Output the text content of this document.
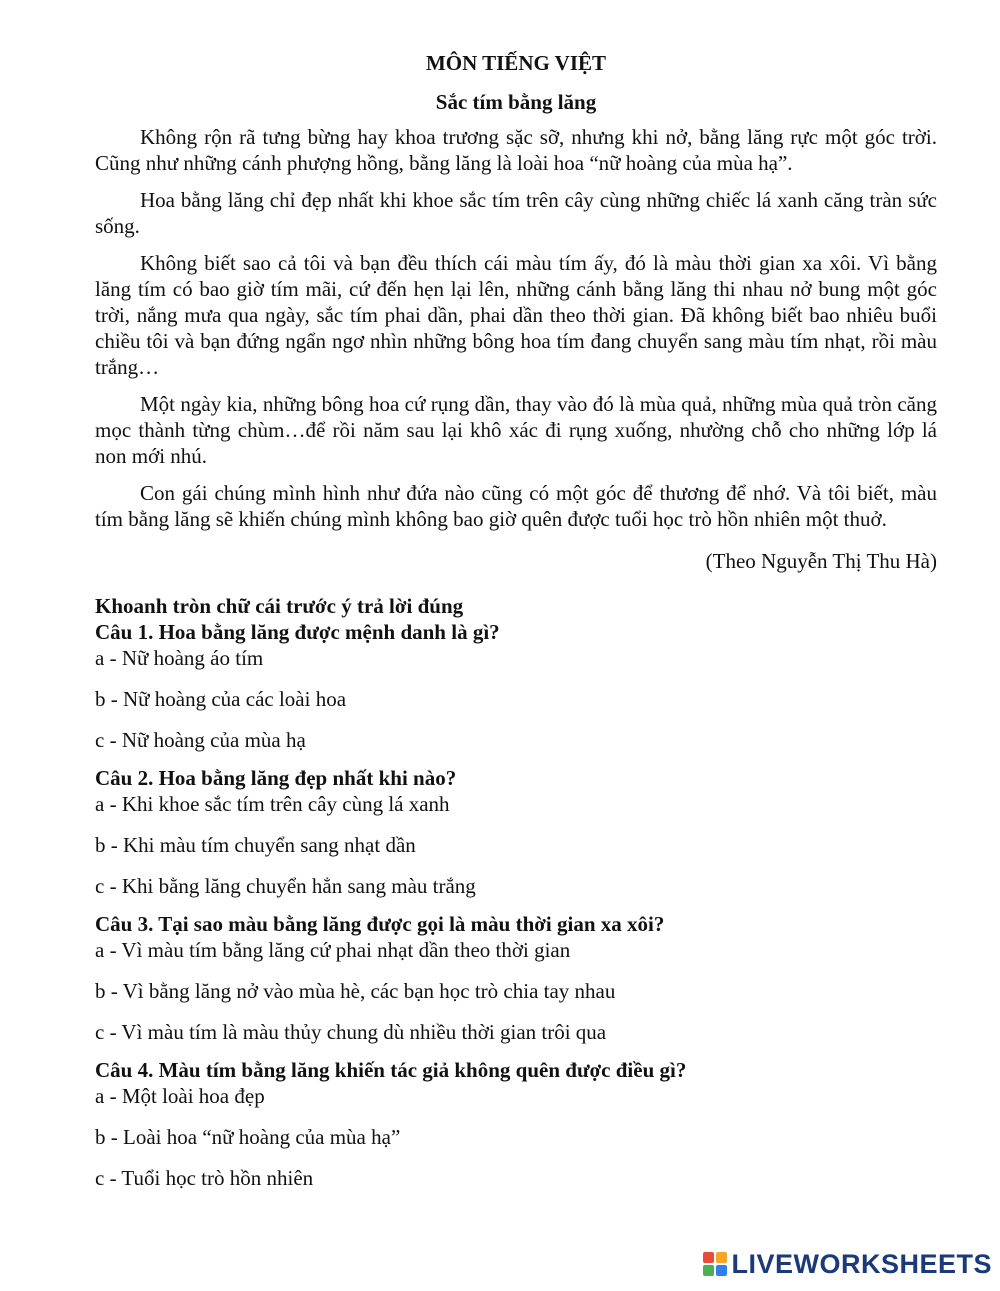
MÔN TIẾNG VIỆT

Sắc tím bằng lăng

Không rộn rã tưng bừng hay khoa trương sặc sỡ, nhưng khi nở, bằng lăng rực một góc trời. Cũng như những cánh phượng hồng, bằng lăng là loài hoa “nữ hoàng của mùa hạ”.

Hoa bằng lăng chỉ đẹp nhất khi khoe sắc tím trên cây cùng những chiếc lá xanh căng tràn sức sống.

Không biết sao cả tôi và bạn đều thích cái màu tím ấy, đó là màu thời gian xa xôi. Vì bằng lăng tím có bao giờ tím mãi, cứ đến hẹn lại lên, những cánh bằng lăng thi nhau nở bung một góc trời, nắng mưa qua ngày, sắc tím phai dần, phai dần theo thời gian. Đã không biết bao nhiêu buổi chiều tôi và bạn đứng ngẩn ngơ nhìn những bông hoa tím đang chuyển sang màu tím nhạt, rồi màu trắng…

Một ngày kia, những bông hoa cứ rụng dần, thay vào đó là mùa quả, những mùa quả tròn căng mọc thành từng chùm…để rồi năm sau lại khô xác đi rụng xuống, nhường chỗ cho những lớp lá non mới nhú.

Con gái chúng mình hình như đứa nào cũng có một góc để thương để nhớ. Và tôi biết, màu tím bằng lăng sẽ khiến chúng mình không bao giờ quên được tuổi học trò hồn nhiên một thuở.

(Theo Nguyễn Thị Thu Hà)

Khoanh tròn chữ cái trước ý trả lời đúng

Câu 1. Hoa bằng lăng được mệnh danh là gì?

a - Nữ hoàng áo tím

b - Nữ hoàng của các loài hoa

c - Nữ hoàng của mùa hạ

Câu 2. Hoa bằng lăng đẹp nhất khi nào?

a - Khi khoe sắc tím trên cây cùng lá xanh

b - Khi màu tím chuyển sang nhạt dần

c - Khi bằng lăng chuyển hẳn sang màu trắng

Câu 3. Tại sao màu bằng lăng được gọi là màu thời gian xa xôi?

a - Vì màu tím bằng lăng cứ phai nhạt dần theo thời gian

b - Vì bằng lăng nở vào mùa hè, các bạn học trò chia tay nhau

c - Vì màu tím là màu thủy chung dù nhiều thời gian trôi qua

Câu 4. Màu tím bằng lăng khiến tác giả không quên được điều gì?

a - Một loài hoa đẹp

b - Loài hoa “nữ hoàng của mùa hạ”

c - Tuổi học trò hồn nhiên

LIVEWORKSHEETS
